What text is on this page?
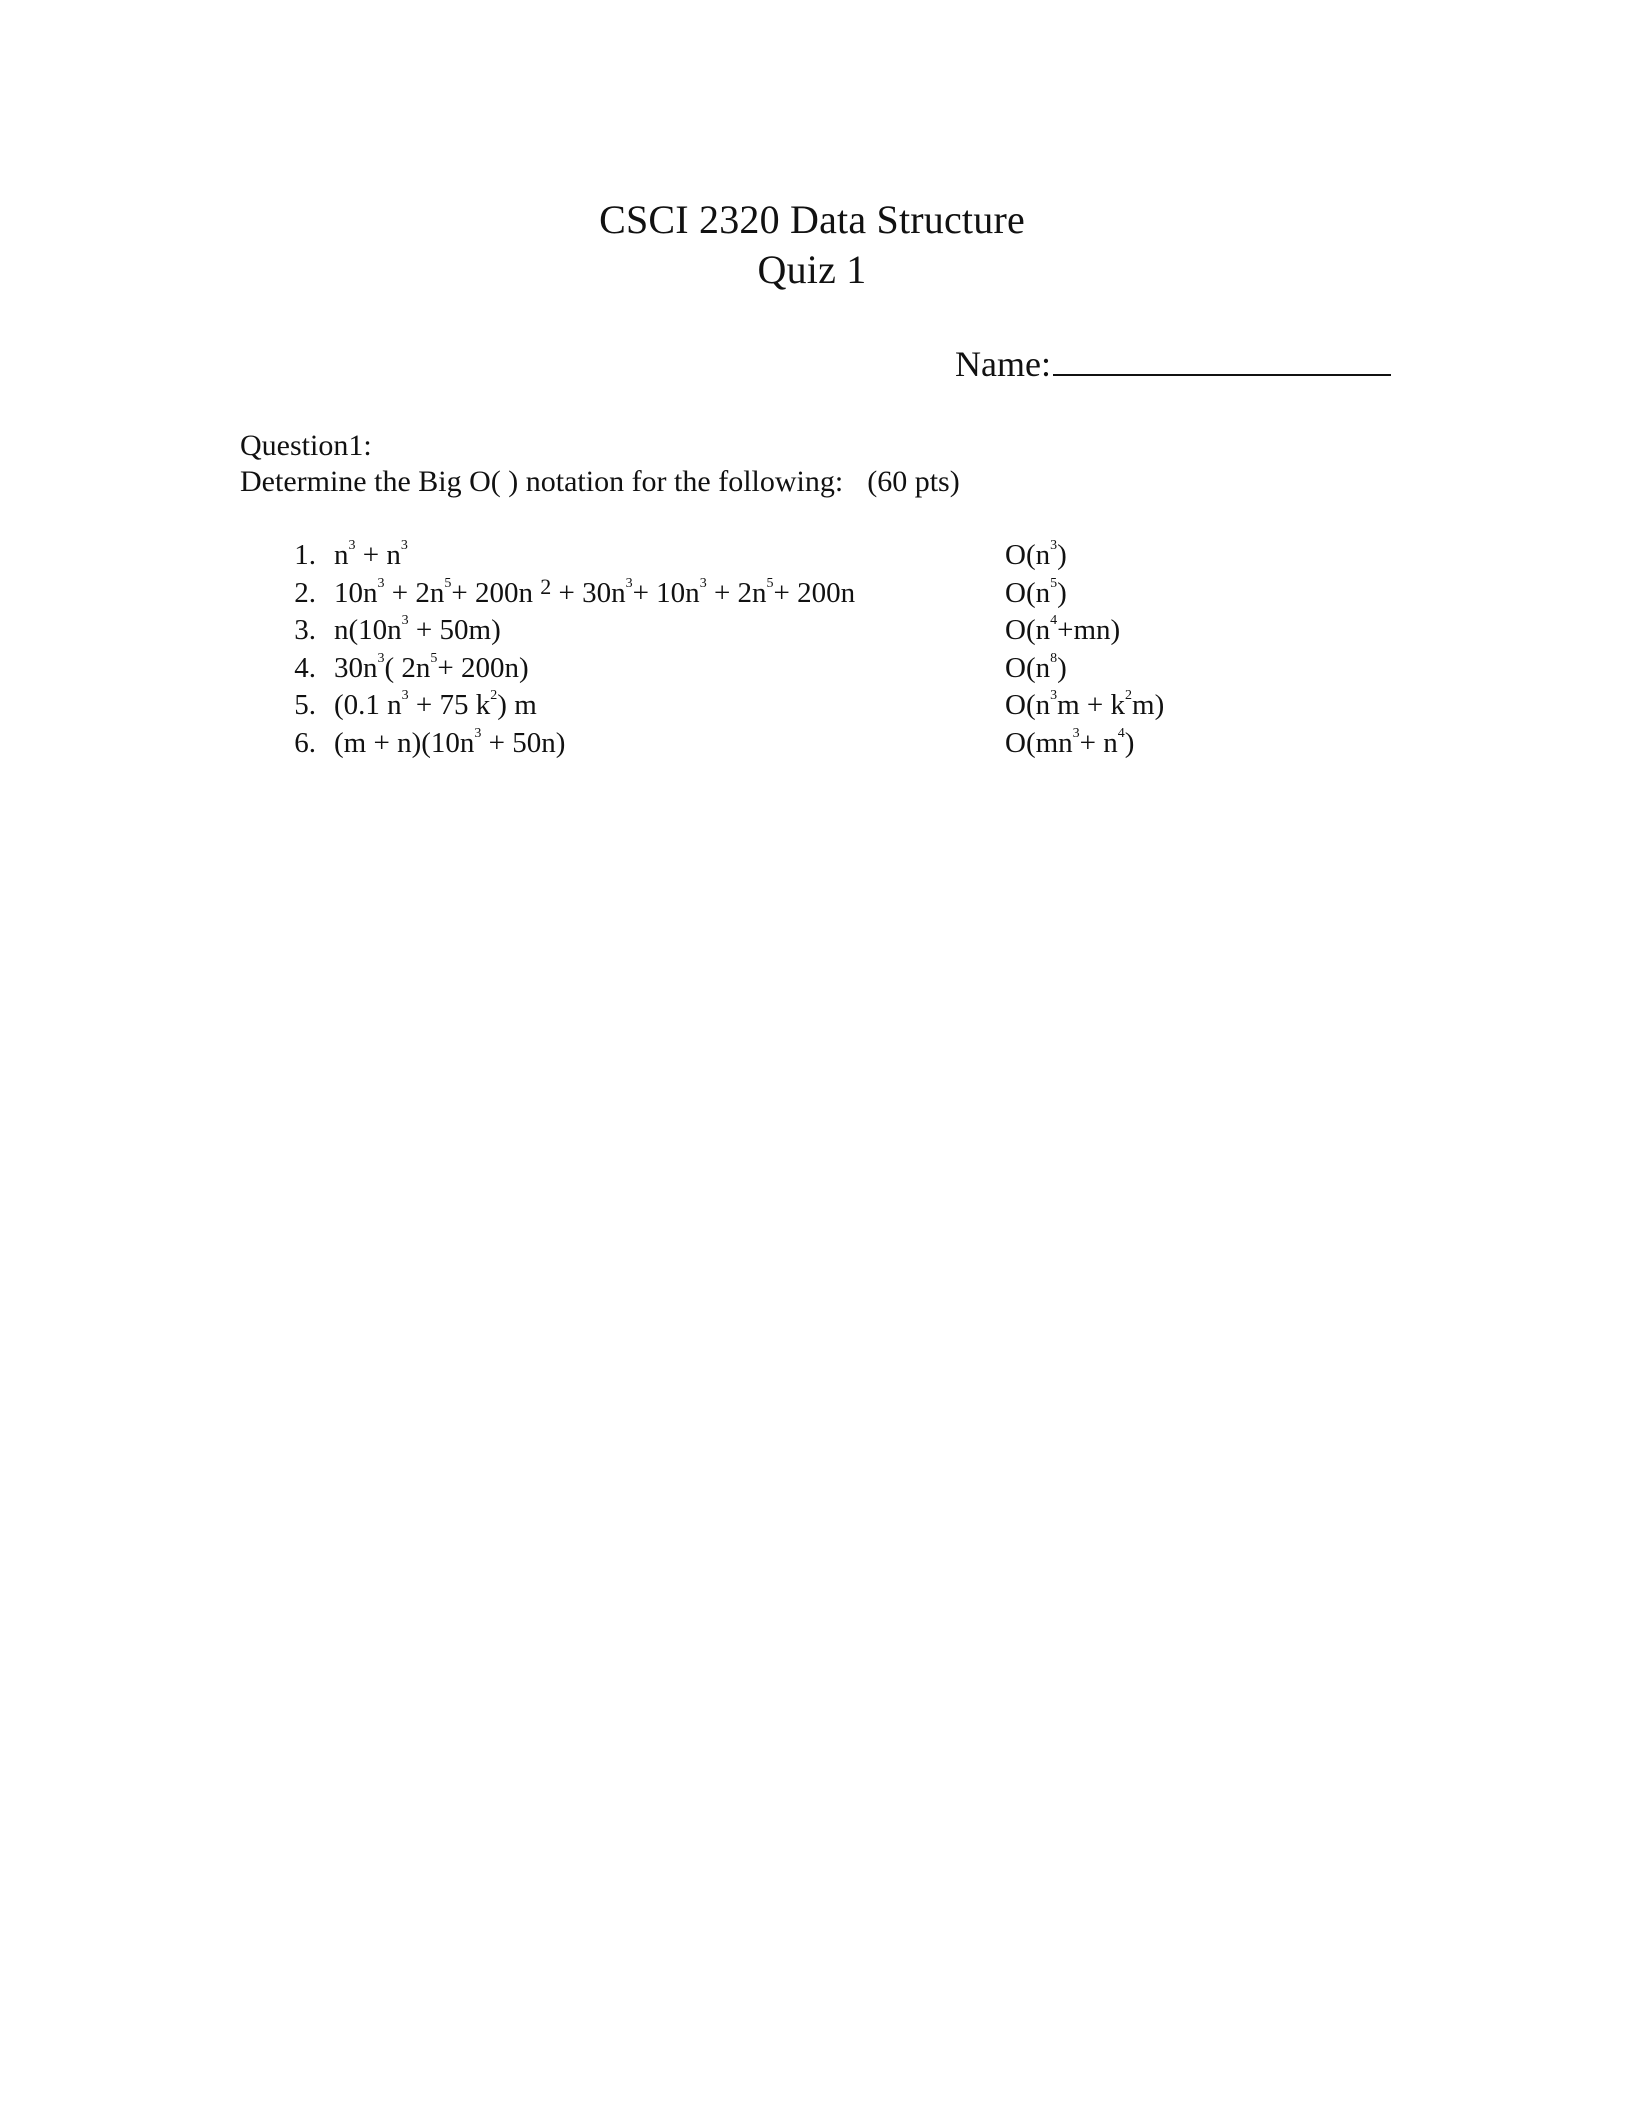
CSCI 2320 Data Structure
Quiz 1
Name:
Question1:
Determine the Big O( ) notation for the following: (60 pts)
1. $n^3 + n^3$	$O(n^3)$
2. $10n^3 + 2n^5+ 200n$ $^2 + 30n^3+ 10n^3 + 2n^5+ 200n$	$O(n^5)$
3. $n(10n^3 + 50m)$	$O(n^4+mn)$
4. $30n^3$( $2n^5+ 200n$)	$O(n^8)$
5. (0.1 $n^3 + 75$ $k^2$) m	$O(n^3m + k^2m)$
6. $(m + n)(10n^3 + 50n)$	$O(mn^3+ n^4)$
